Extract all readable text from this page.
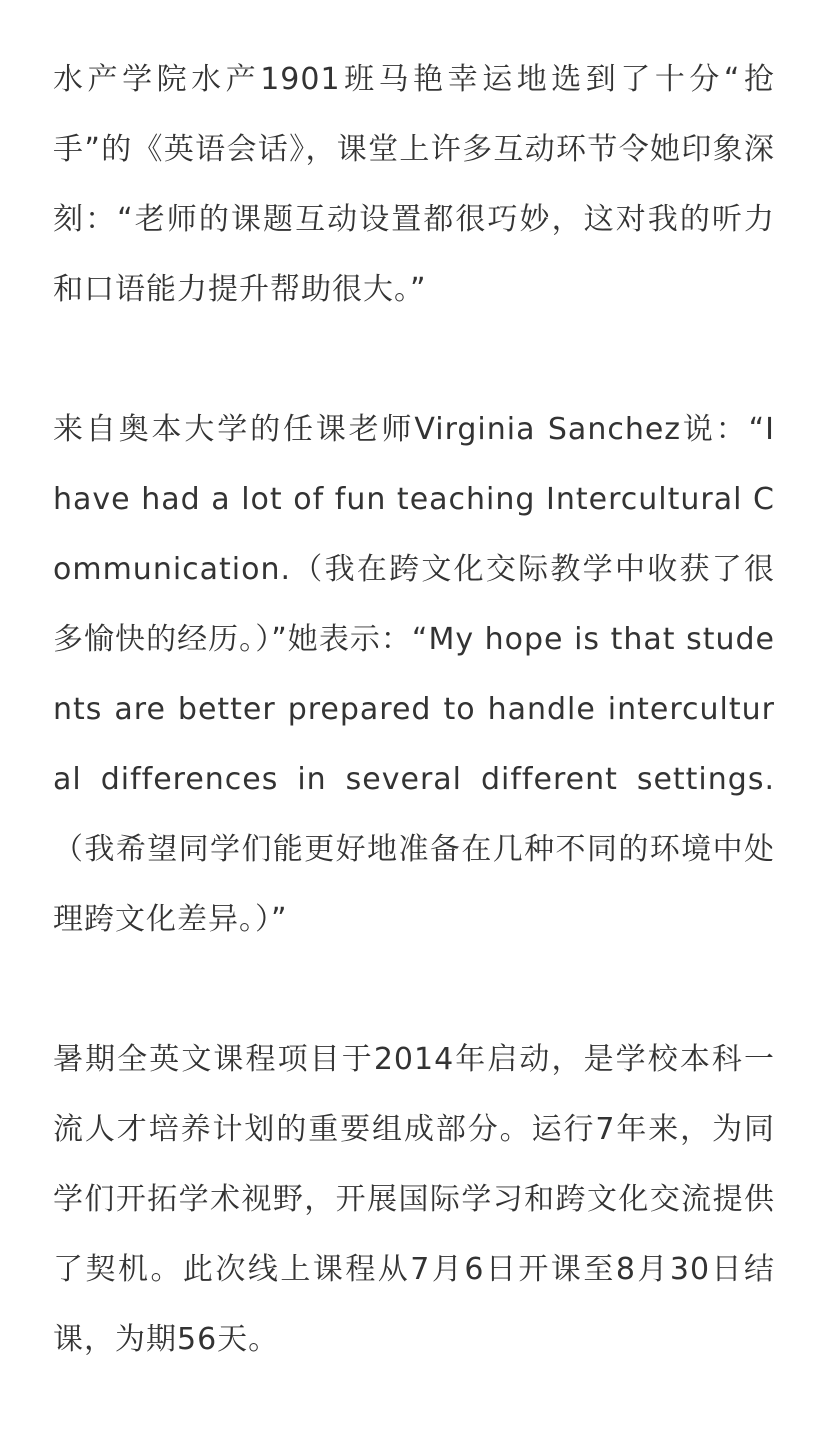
水产学院水产1901班马艳幸运地选到了十分“抢手”的《英语会话》，课堂上许多互动环节令她印象深刻：“老师的课题互动设置都很巧妙，这对我的听力和口语能力提升帮助很大。”

来自奥本大学的任课老师Virginia Sanchez说：“I have had a lot of fun teaching Intercultural Communication.（我在跨文化交际教学中收获了很多愉快的经历。）”她表示：“My hope is that students are better prepared to handle intercultural differences in several different settings.（我希望同学们能更好地准备在几种不同的环境中处理跨文化差异。）”

暑期全英文课程项目于2014年启动，是学校本科一流人才培养计划的重要组成部分。运行7年来，为同学们开拓学术视野，开展国际学习和跨文化交流提供了契机。此次线上课程从7月6日开课至8月30日结课，为期56天。
